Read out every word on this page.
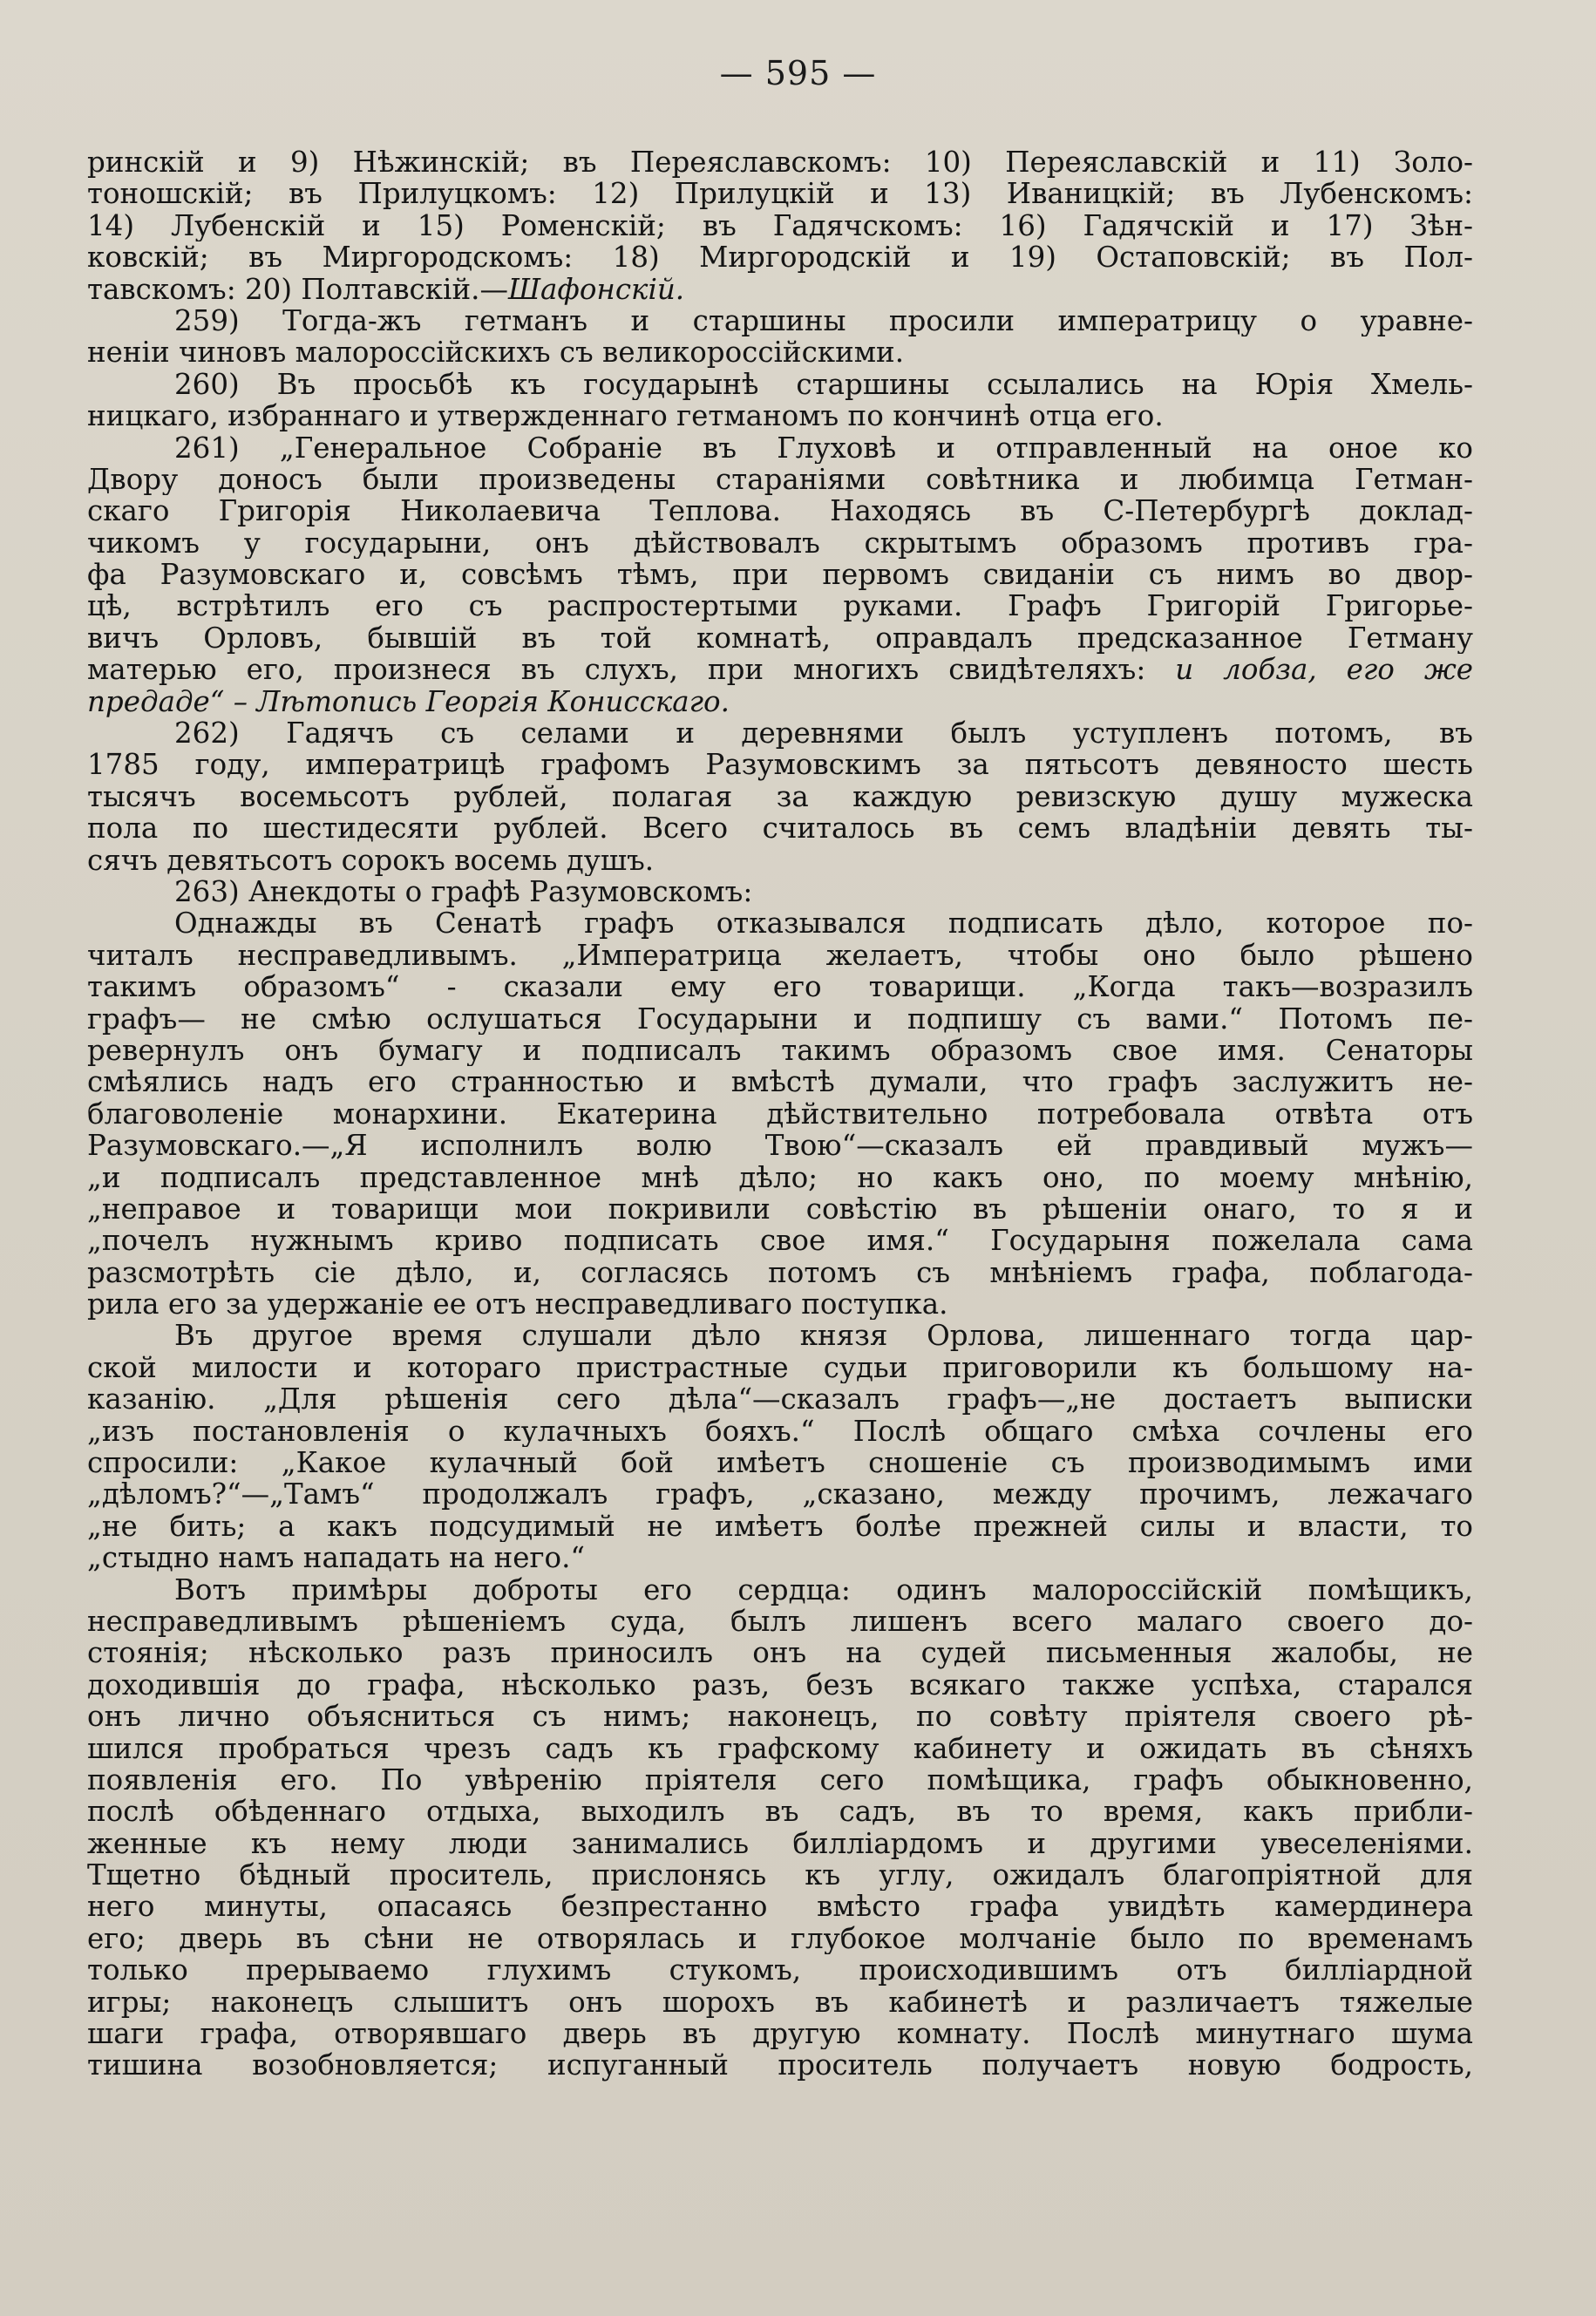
— 595 —
ринскій и 9) Нѣжинскій; въ Переяславскомъ: 10) Переяславскій и 11) Золо-
тоношскій; въ Прилуцкомъ: 12) Прилуцкій и 13) Иваницкій; въ Лубенскомъ:
14) Лубенскій и 15) Роменскій; въ Гадячскомъ: 16) Гадячскій и 17) Зѣн-
ковскій; въ Миргородскомъ: 18) Миргородскій и 19) Остаповскій; въ Пол-
тавскомъ: 20) Полтавскій.—Шафонскій.
259) Тогда-жъ гетманъ и старшины просили императрицу о уравне-
неніи чиновъ малороссійскихъ съ великороссійскими.
260) Въ просьбѣ къ государынѣ старшины ссылались на Юрія Хмель-
ницкаго, избраннаго и утвержденнаго гетманомъ по кончинѣ отца его.
261) „Генеральное Собраніе въ Глуховѣ и отправленный на оное ко
Двору доносъ были произведены стараніями совѣтника и любимца Гетман-
скаго Григорія Николаевича Теплова. Находясь въ С-Петербургѣ доклад-
чикомъ у государыни, онъ дѣйствовалъ скрытымъ образомъ противъ гра-
фа Разумовскаго и, совсѣмъ тѣмъ, при первомъ свиданіи съ нимъ во двор-
цѣ, встрѣтилъ его съ распростертыми руками. Графъ Григорій Григорье-
вичъ Орловъ, бывшій въ той комнатѣ, оправдалъ предсказанное Гетману
матерью его, произнеся въ слухъ, при многихъ свидѣтеляхъ: и лобза, его же
предаде“ – Лѣтопись Георгія Конисскаго.
262) Гадячъ съ селами и деревнями былъ уступленъ потомъ, въ
1785 году, императрицѣ графомъ Разумовскимъ за пятьсотъ девяносто шесть
тысячъ восемьсотъ рублей, полагая за каждую ревизскую душу мужеска
пола по шестидесяти рублей. Всего считалось въ семъ владѣніи девять ты-
сячъ девятьсотъ сорокъ восемь душъ.
263) Анекдоты о графѣ Разумовскомъ:
Однажды въ Сенатѣ графъ отказывался подписать дѣло, которое по-
читалъ несправедливымъ. „Императрица желаетъ, чтобы оно было рѣшено
такимъ образомъ“ - сказали ему его товарищи. „Когда такъ—возразилъ
графъ— не смѣю ослушаться Государыни и подпишу съ вами.“ Потомъ пе-
ревернулъ онъ бумагу и подписалъ такимъ образомъ свое имя. Сенаторы
смѣялись надъ его странностью и вмѣстѣ думали, что графъ заслужитъ не-
благоволеніе монархини. Екатерина дѣйствительно потребовала отвѣта отъ
Разумовскаго.—„Я исполнилъ волю Твою“—сказалъ ей правдивый мужъ—
„и подписалъ представленное мнѣ дѣло; но какъ оно, по моему мнѣнію,
„неправое и товарищи мои покривили совѣстію въ рѣшеніи онаго, то я и
„почелъ нужнымъ криво подписать свое имя.“ Государыня пожелала сама
разсмотрѣть сіе дѣло, и, согласясь потомъ съ мнѣніемъ графа, поблагода-
рила его за удержаніе ее отъ несправедливаго поступка.
Въ другое время слушали дѣло князя Орлова, лишеннаго тогда цар-
ской милости и котораго пристрастные судьи приговорили къ большому на-
казанію. „Для рѣшенія сего дѣла“—сказалъ графъ—„не достаетъ выписки
„изъ постановленія о кулачныхъ бояхъ.“ Послѣ общаго смѣха сочлены его
спросили: „Какое кулачный бой имѣетъ сношеніе съ производимымъ ими
„дѣломъ?“—„Тамъ“ продолжалъ графъ, „сказано, между прочимъ, лежачаго
„не бить; а какъ подсудимый не имѣетъ болѣе прежней силы и власти, то
„стыдно намъ нападать на него.“
Вотъ примѣры доброты его сердца: одинъ малороссійскій помѣщикъ,
несправедливымъ рѣшеніемъ суда, былъ лишенъ всего малаго своего до-
стоянія; нѣсколько разъ приносилъ онъ на судей письменныя жалобы, не
доходившія до графа, нѣсколько разъ, безъ всякаго также успѣха, старался
онъ лично объясниться съ нимъ; наконецъ, по совѣту пріятеля своего рѣ-
шился пробраться чрезъ садъ къ графскому кабинету и ожидать въ сѣняхъ
появленія его. По увѣренію пріятеля сего помѣщика, графъ обыкновенно,
послѣ обѣденнаго отдыха, выходилъ въ садъ, въ то время, какъ прибли-
женные къ нему люди занимались билліардомъ и другими увеселеніями.
Тщетно бѣдный проситель, прислонясь къ углу, ожидалъ благопріятной для
него минуты, опасаясь безпрестанно вмѣсто графа увидѣть камердинера
его; дверь въ сѣни не отворялась и глубокое молчаніе было по временамъ
только прерываемо глухимъ стукомъ, происходившимъ отъ билліардной
игры; наконецъ слышитъ онъ шорохъ въ кабинетѣ и различаетъ тяжелые
шаги графа, отворявшаго дверь въ другую комнату. Послѣ минутнаго шума
тишина возобновляется; испуганный проситель получаетъ новую бодрость,
